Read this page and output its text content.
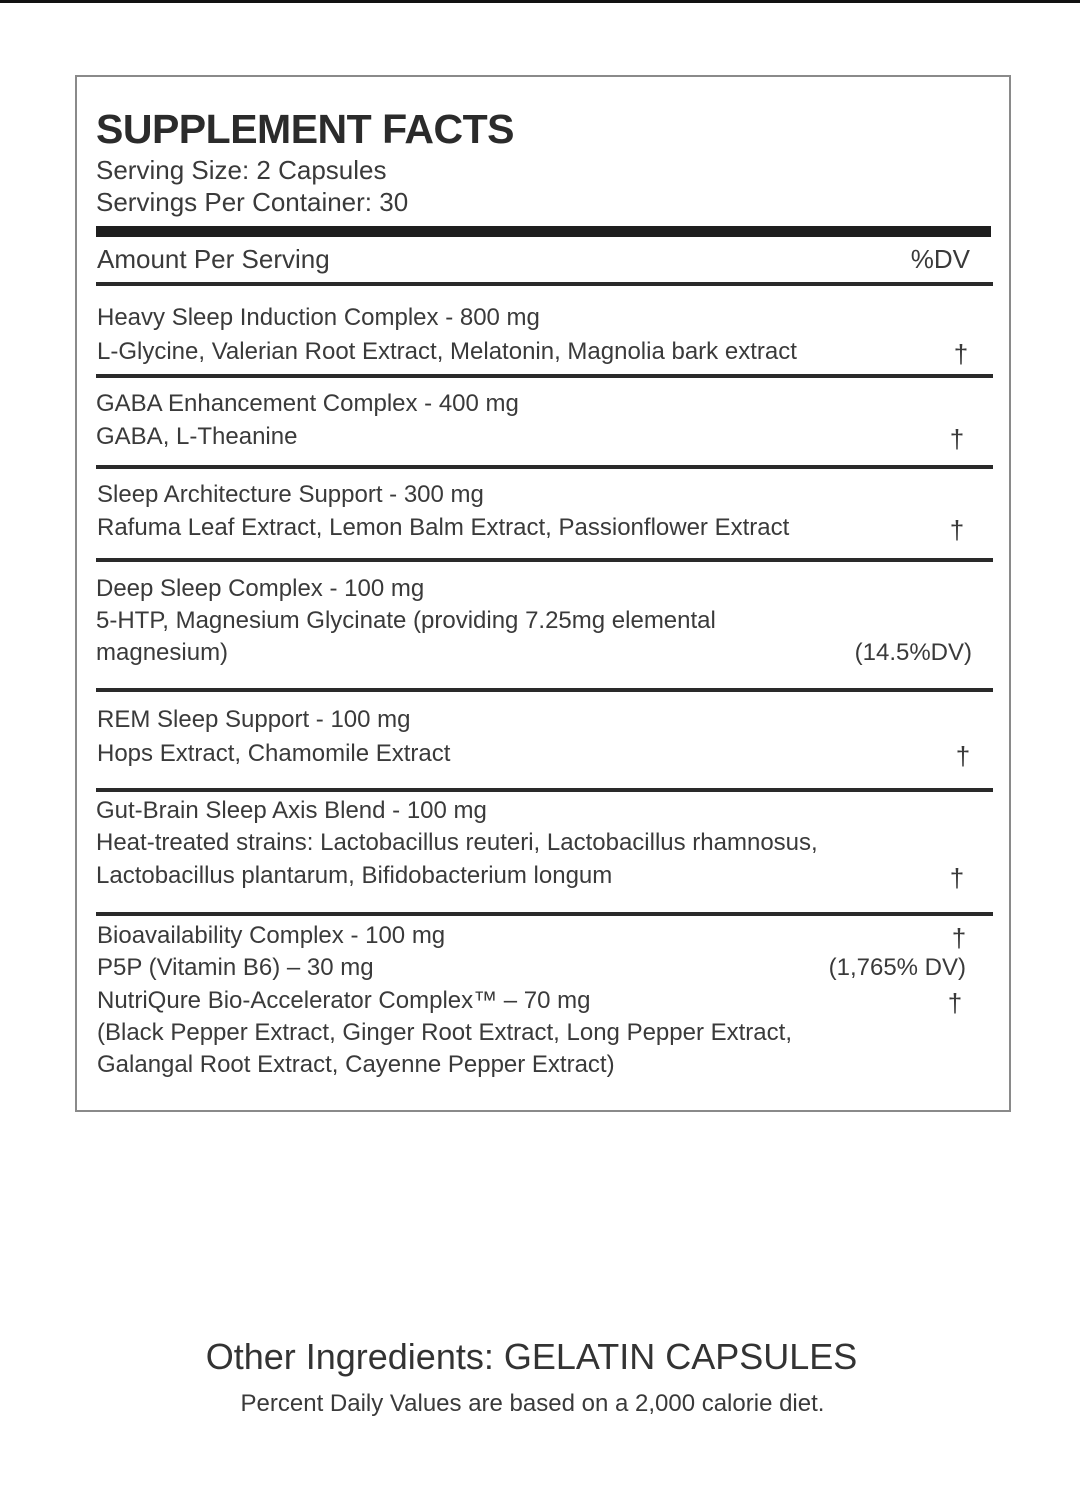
SUPPLEMENT FACTS
Serving Size: 2 Capsules
Servings Per Container: 30
Amount Per Serving	%DV
Heavy Sleep Induction Complex - 800 mg
L-Glycine, Valerian Root Extract, Melatonin, Magnolia bark extract	†
GABA Enhancement Complex - 400 mg
GABA, L-Theanine	†
Sleep Architecture Support - 300 mg
Rafuma Leaf Extract, Lemon Balm Extract, Passionflower Extract	†
Deep Sleep Complex - 100 mg
5-HTP, Magnesium Glycinate (providing 7.25mg elemental
magnesium)	(14.5%DV)
REM Sleep Support - 100 mg
Hops Extract, Chamomile Extract	†
Gut-Brain Sleep Axis Blend - 100 mg
Heat-treated strains: Lactobacillus reuteri, Lactobacillus rhamnosus,
Lactobacillus plantarum, Bifidobacterium longum	†
Bioavailability Complex - 100 mg	†
P5P (Vitamin B6) – 30 mg	(1,765% DV)
NutriQure Bio-Accelerator Complex™ – 70 mg	†
(Black Pepper Extract, Ginger Root Extract, Long Pepper Extract,
Galangal Root Extract, Cayenne Pepper Extract)
Other Ingredients: GELATIN CAPSULES
Percent Daily Values are based on a 2,000 calorie diet.
